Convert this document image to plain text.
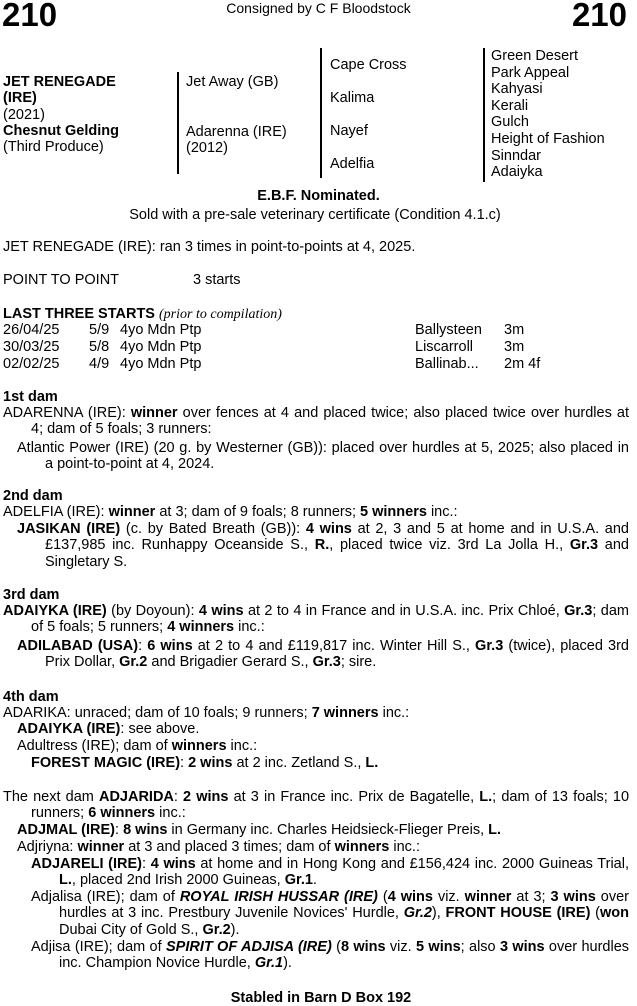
210	210
Consigned by C F Bloodstock
JET RENEGADE
(IRE)
(2021)
Chesnut Gelding
(Third Produce)
Jet Away (GB)
Adarenna (IRE)
(2012)
Cape Cross
Kalima
Nayef
Adelfia
Green Desert
Park Appeal
Kahyasi
Kerali
Gulch
Height of Fashion
Sinndar
Adaiyka
E.B.F. Nominated.
Sold with a pre-sale veterinary certificate (Condition 4.1.c)
JET RENEGADE (IRE): ran 3 times in point-to-points at 4, 2025.
POINT TO POINT	3 starts
LAST THREE STARTS (prior to compilation)
26/04/25 5/9 4yo Mdn Ptp	Ballysteen 3m
30/03/25 5/8 4yo Mdn Ptp	Liscarroll 3m
02/02/25 4/9 4yo Mdn Ptp	Ballinab... 2m 4f
1st dam
ADARENNA (IRE): winner over fences at 4 and placed twice; also placed twice over hurdles at 4; dam of 5 foals; 3 runners:
Atlantic Power (IRE) (20 g. by Westerner (GB)): placed over hurdles at 5, 2025; also placed in a point-to-point at 4, 2024.
2nd dam
ADELFIA (IRE): winner at 3; dam of 9 foals; 8 runners; 5 winners inc.:
JASIKAN (IRE) (c. by Bated Breath (GB)): 4 wins at 2, 3 and 5 at home and in U.S.A. and £137,985 inc. Runhappy Oceanside S., R., placed twice viz. 3rd La Jolla H., Gr.3 and Singletary S.
3rd dam
ADAIYKA (IRE) (by Doyoun): 4 wins at 2 to 4 in France and in U.S.A. inc. Prix Chloé, Gr.3; dam of 5 foals; 5 runners; 4 winners inc.:
ADILABAD (USA): 6 wins at 2 to 4 and £119,817 inc. Winter Hill S., Gr.3 (twice), placed 3rd Prix Dollar, Gr.2 and Brigadier Gerard S., Gr.3; sire.
4th dam
ADARIKA: unraced; dam of 10 foals; 9 runners; 7 winners inc.:
ADAIYKA (IRE): see above.
Adultress (IRE); dam of winners inc.:
FOREST MAGIC (IRE): 2 wins at 2 inc. Zetland S., L.
The next dam ADJARIDA: 2 wins at 3 in France inc. Prix de Bagatelle, L.; dam of 13 foals; 10 runners; 6 winners inc.:
ADJMAL (IRE): 8 wins in Germany inc. Charles Heidsieck-Flieger Preis, L.
Adjriyna: winner at 3 and placed 3 times; dam of winners inc.:
ADJARELI (IRE): 4 wins at home and in Hong Kong and £156,424 inc. 2000 Guineas Trial, L., placed 2nd Irish 2000 Guineas, Gr.1.
Adjalisa (IRE); dam of ROYAL IRISH HUSSAR (IRE) (4 wins viz. winner at 3; 3 wins over hurdles at 3 inc. Prestbury Juvenile Novices' Hurdle, Gr.2), FRONT HOUSE (IRE) (won Dubai City of Gold S., Gr.2).
Adjisa (IRE); dam of SPIRIT OF ADJISA (IRE) (8 wins viz. 5 wins; also 3 wins over hurdles inc. Champion Novice Hurdle, Gr.1).
Stabled in Barn D Box 192
